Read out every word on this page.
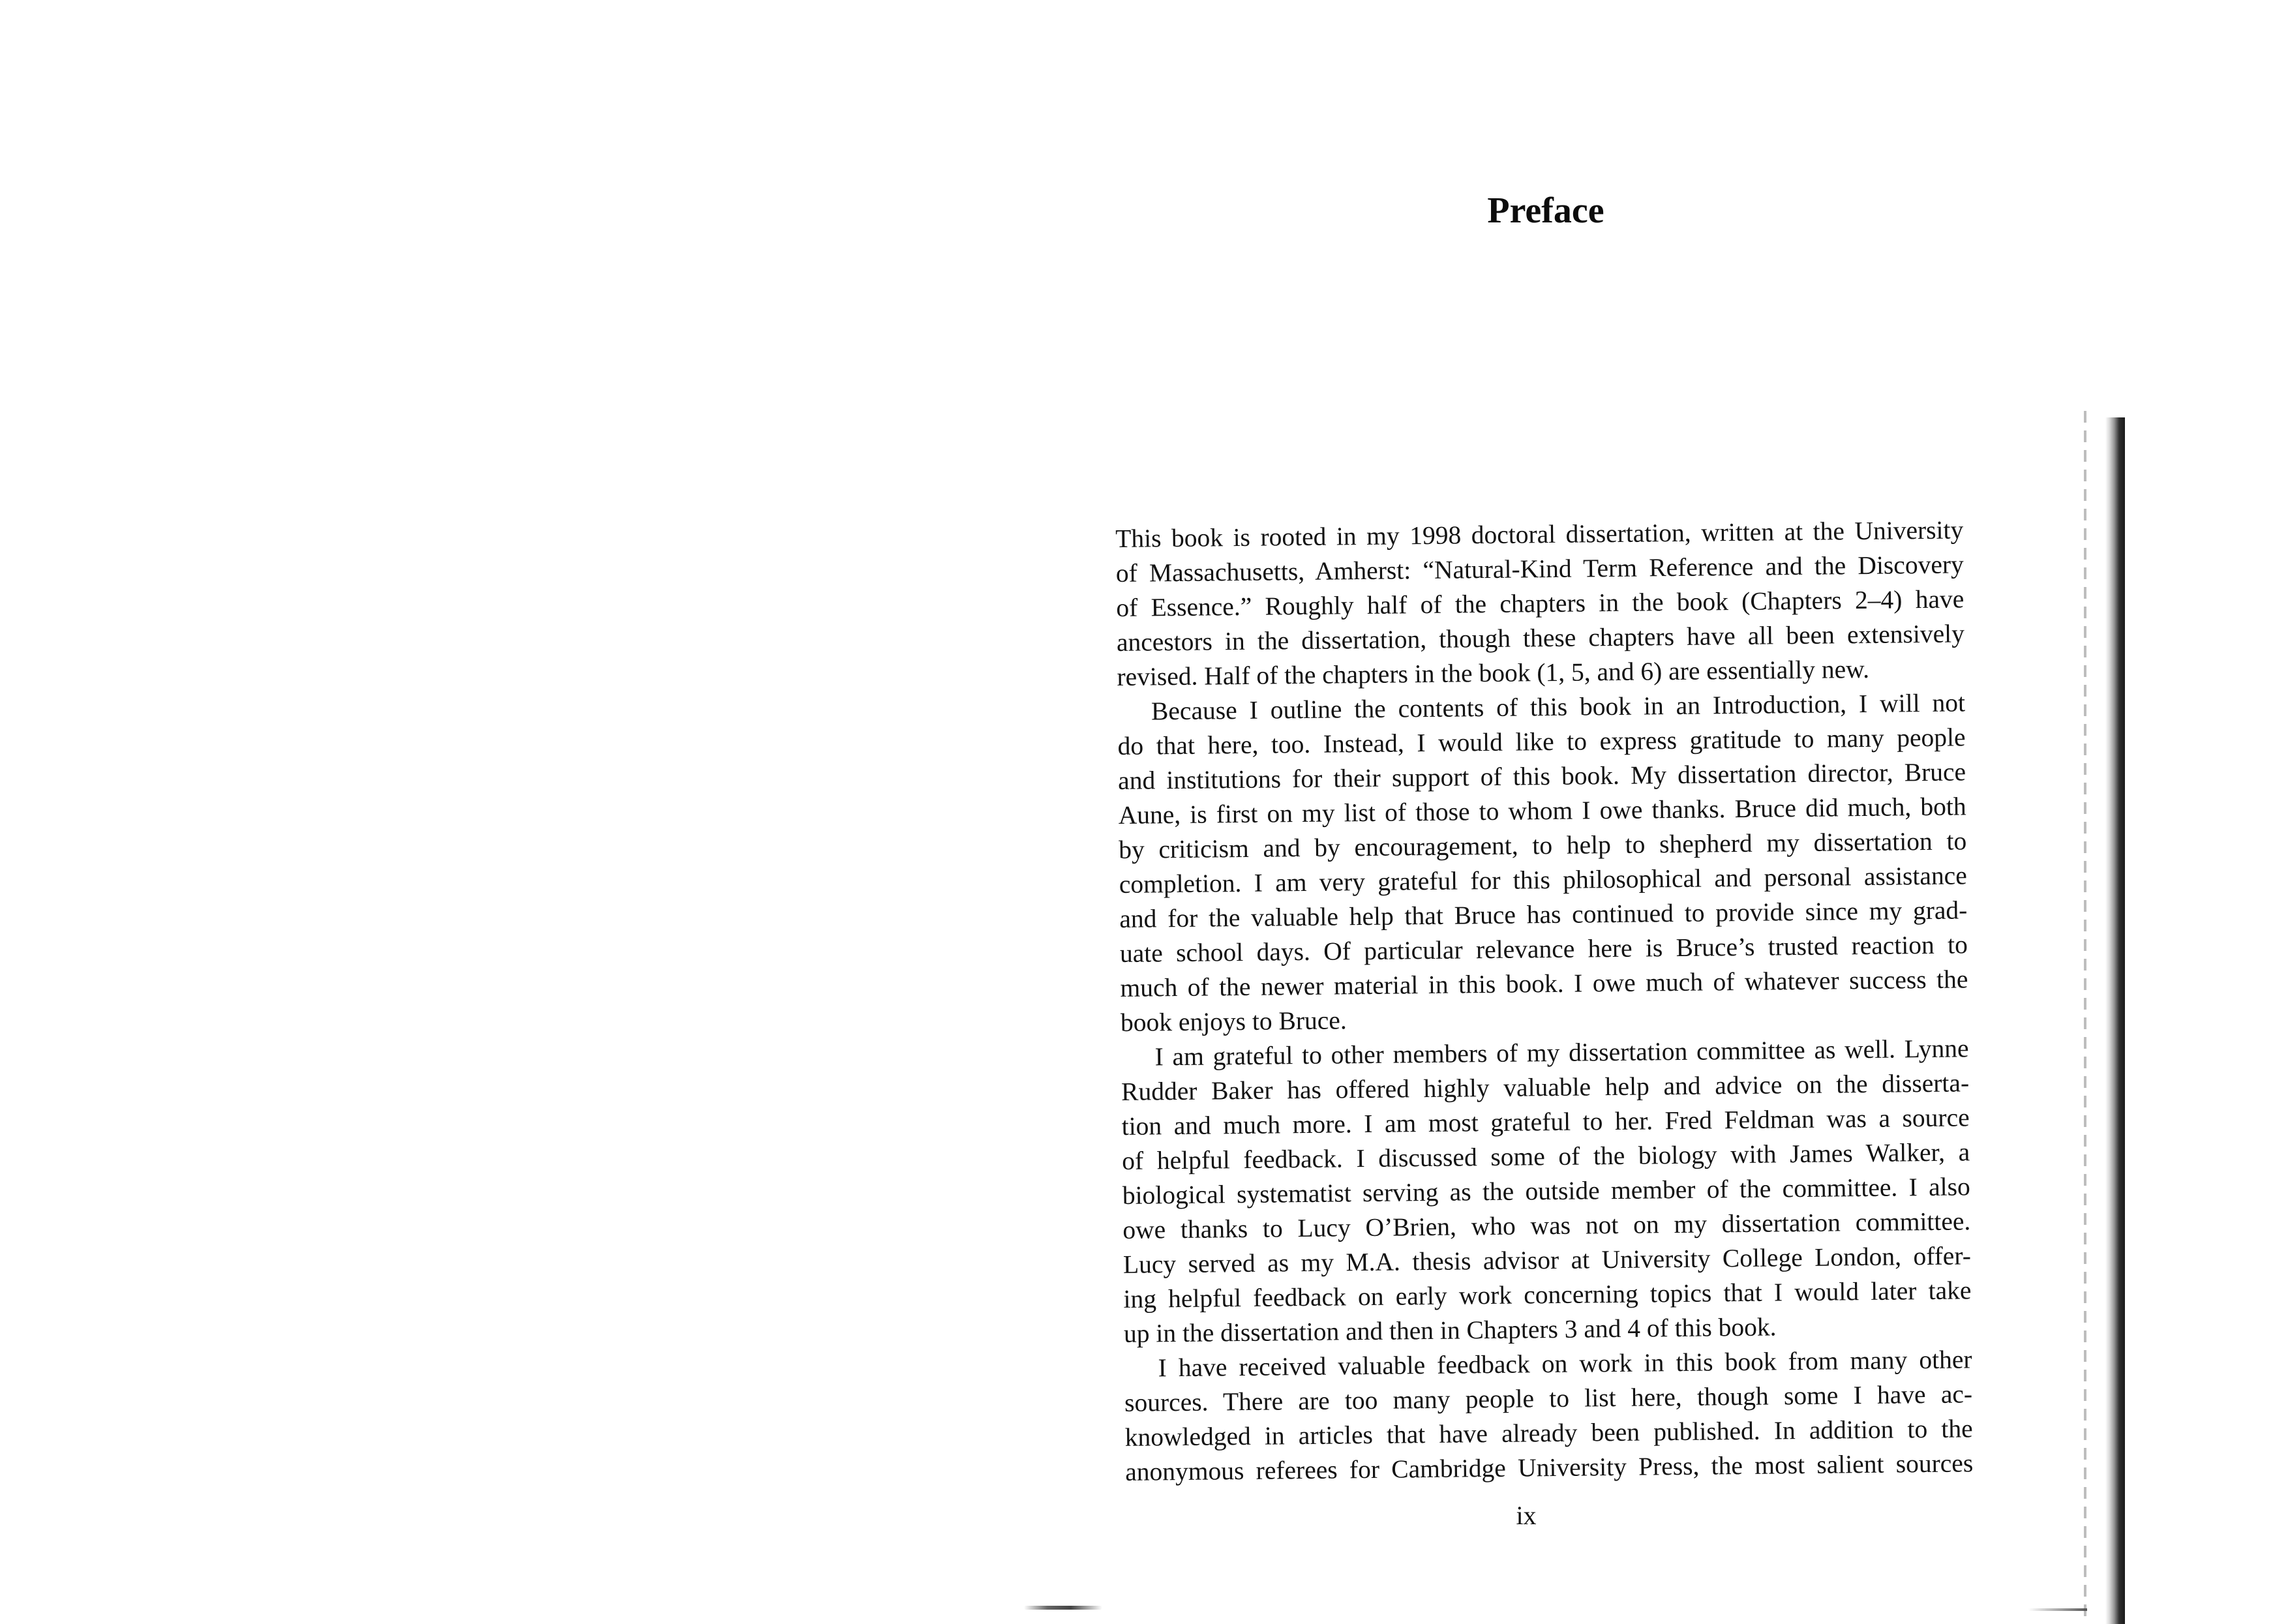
Preface
This book is rooted in my 1998 doctoral dissertation, written at the University
of Massachusetts, Amherst: “Natural-Kind Term Reference and the Discovery
of Essence.” Roughly half of the chapters in the book (Chapters 2–4) have
ancestors in the dissertation, though these chapters have all been extensively
revised. Half of the chapters in the book (1, 5, and 6) are essentially new.
Because I outline the contents of this book in an Introduction, I will not
do that here, too. Instead, I would like to express gratitude to many people
and institutions for their support of this book. My dissertation director, Bruce
Aune, is first on my list of those to whom I owe thanks. Bruce did much, both
by criticism and by encouragement, to help to shepherd my dissertation to
completion. I am very grateful for this philosophical and personal assistance
and for the valuable help that Bruce has continued to provide since my grad-
uate school days. Of particular relevance here is Bruce’s trusted reaction to
much of the newer material in this book. I owe much of whatever success the
book enjoys to Bruce.
I am grateful to other members of my dissertation committee as well. Lynne
Rudder Baker has offered highly valuable help and advice on the disserta-
tion and much more. I am most grateful to her. Fred Feldman was a source
of helpful feedback. I discussed some of the biology with James Walker, a
biological systematist serving as the outside member of the committee. I also
owe thanks to Lucy O’Brien, who was not on my dissertation committee.
Lucy served as my M.A. thesis advisor at University College London, offer-
ing helpful feedback on early work concerning topics that I would later take
up in the dissertation and then in Chapters 3 and 4 of this book.
I have received valuable feedback on work in this book from many other
sources. There are too many people to list here, though some I have ac-
knowledged in articles that have already been published. In addition to the
anonymous referees for Cambridge University Press, the most salient sources
ix
